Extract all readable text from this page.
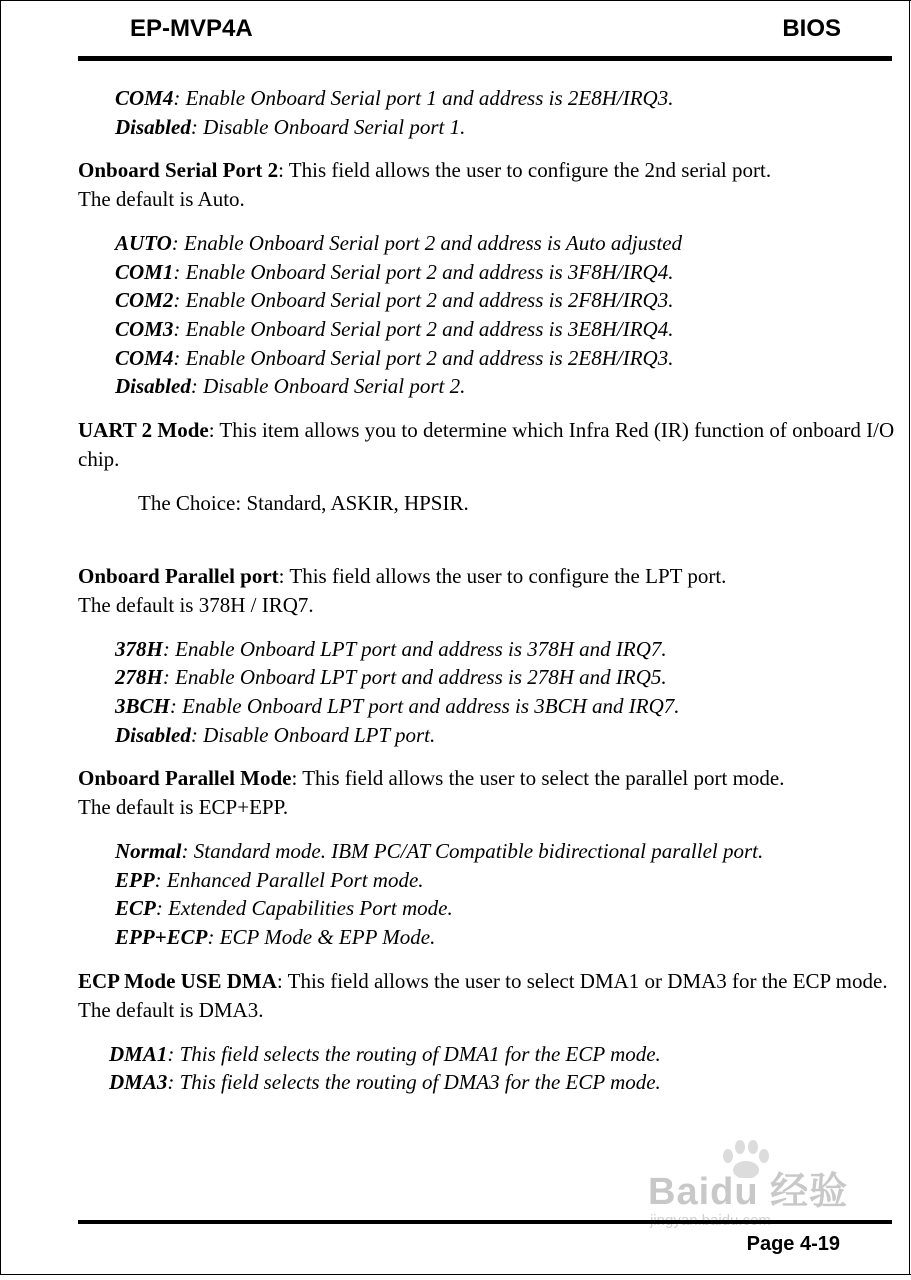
EP-MVP4A	BIOS

COM4: Enable Onboard Serial port 1 and address is 2E8H/IRQ3.

Disabled: Disable Onboard Serial port 1.

Onboard Serial Port 2: This field allows the user to configure the 2nd serial port.

The default is Auto.

AUTO: Enable Onboard Serial port 2 and address is Auto adjusted

COM1: Enable Onboard Serial port 2 and address is 3F8H/IRQ4.

COM2: Enable Onboard Serial port 2 and address is 2F8H/IRQ3.

COM3: Enable Onboard Serial port 2 and address is 3E8H/IRQ4.

COM4: Enable Onboard Serial port 2 and address is 2E8H/IRQ3.

Disabled: Disable Onboard Serial port 2.

UART 2 Mode: This item allows you to determine which Infra Red (IR) function of onboard I/O chip.

The Choice: Standard, ASKIR, HPSIR.

Onboard Parallel port: This field allows the user to configure the LPT port.

The default is 378H / IRQ7.

378H: Enable Onboard LPT port and address is 378H and IRQ7.

278H: Enable Onboard LPT port and address is 278H and IRQ5.

3BCH: Enable Onboard LPT port and address is 3BCH and IRQ7.

Disabled: Disable Onboard LPT port.

Onboard Parallel Mode: This field allows the user to select the parallel port mode.

The default is ECP+EPP.

Normal: Standard mode. IBM PC/AT Compatible bidirectional parallel port.

EPP: Enhanced Parallel Port mode.

ECP: Extended Capabilities Port mode.

EPP+ECP: ECP Mode & EPP Mode.

ECP Mode USE DMA: This field allows the user to select DMA1 or DMA3 for the ECP mode.

The default is DMA3.

DMA1: This field selects the routing of DMA1 for the ECP mode.

DMA3: This field selects the routing of DMA3 for the ECP mode.

Baidu 经验
Page 4-19
